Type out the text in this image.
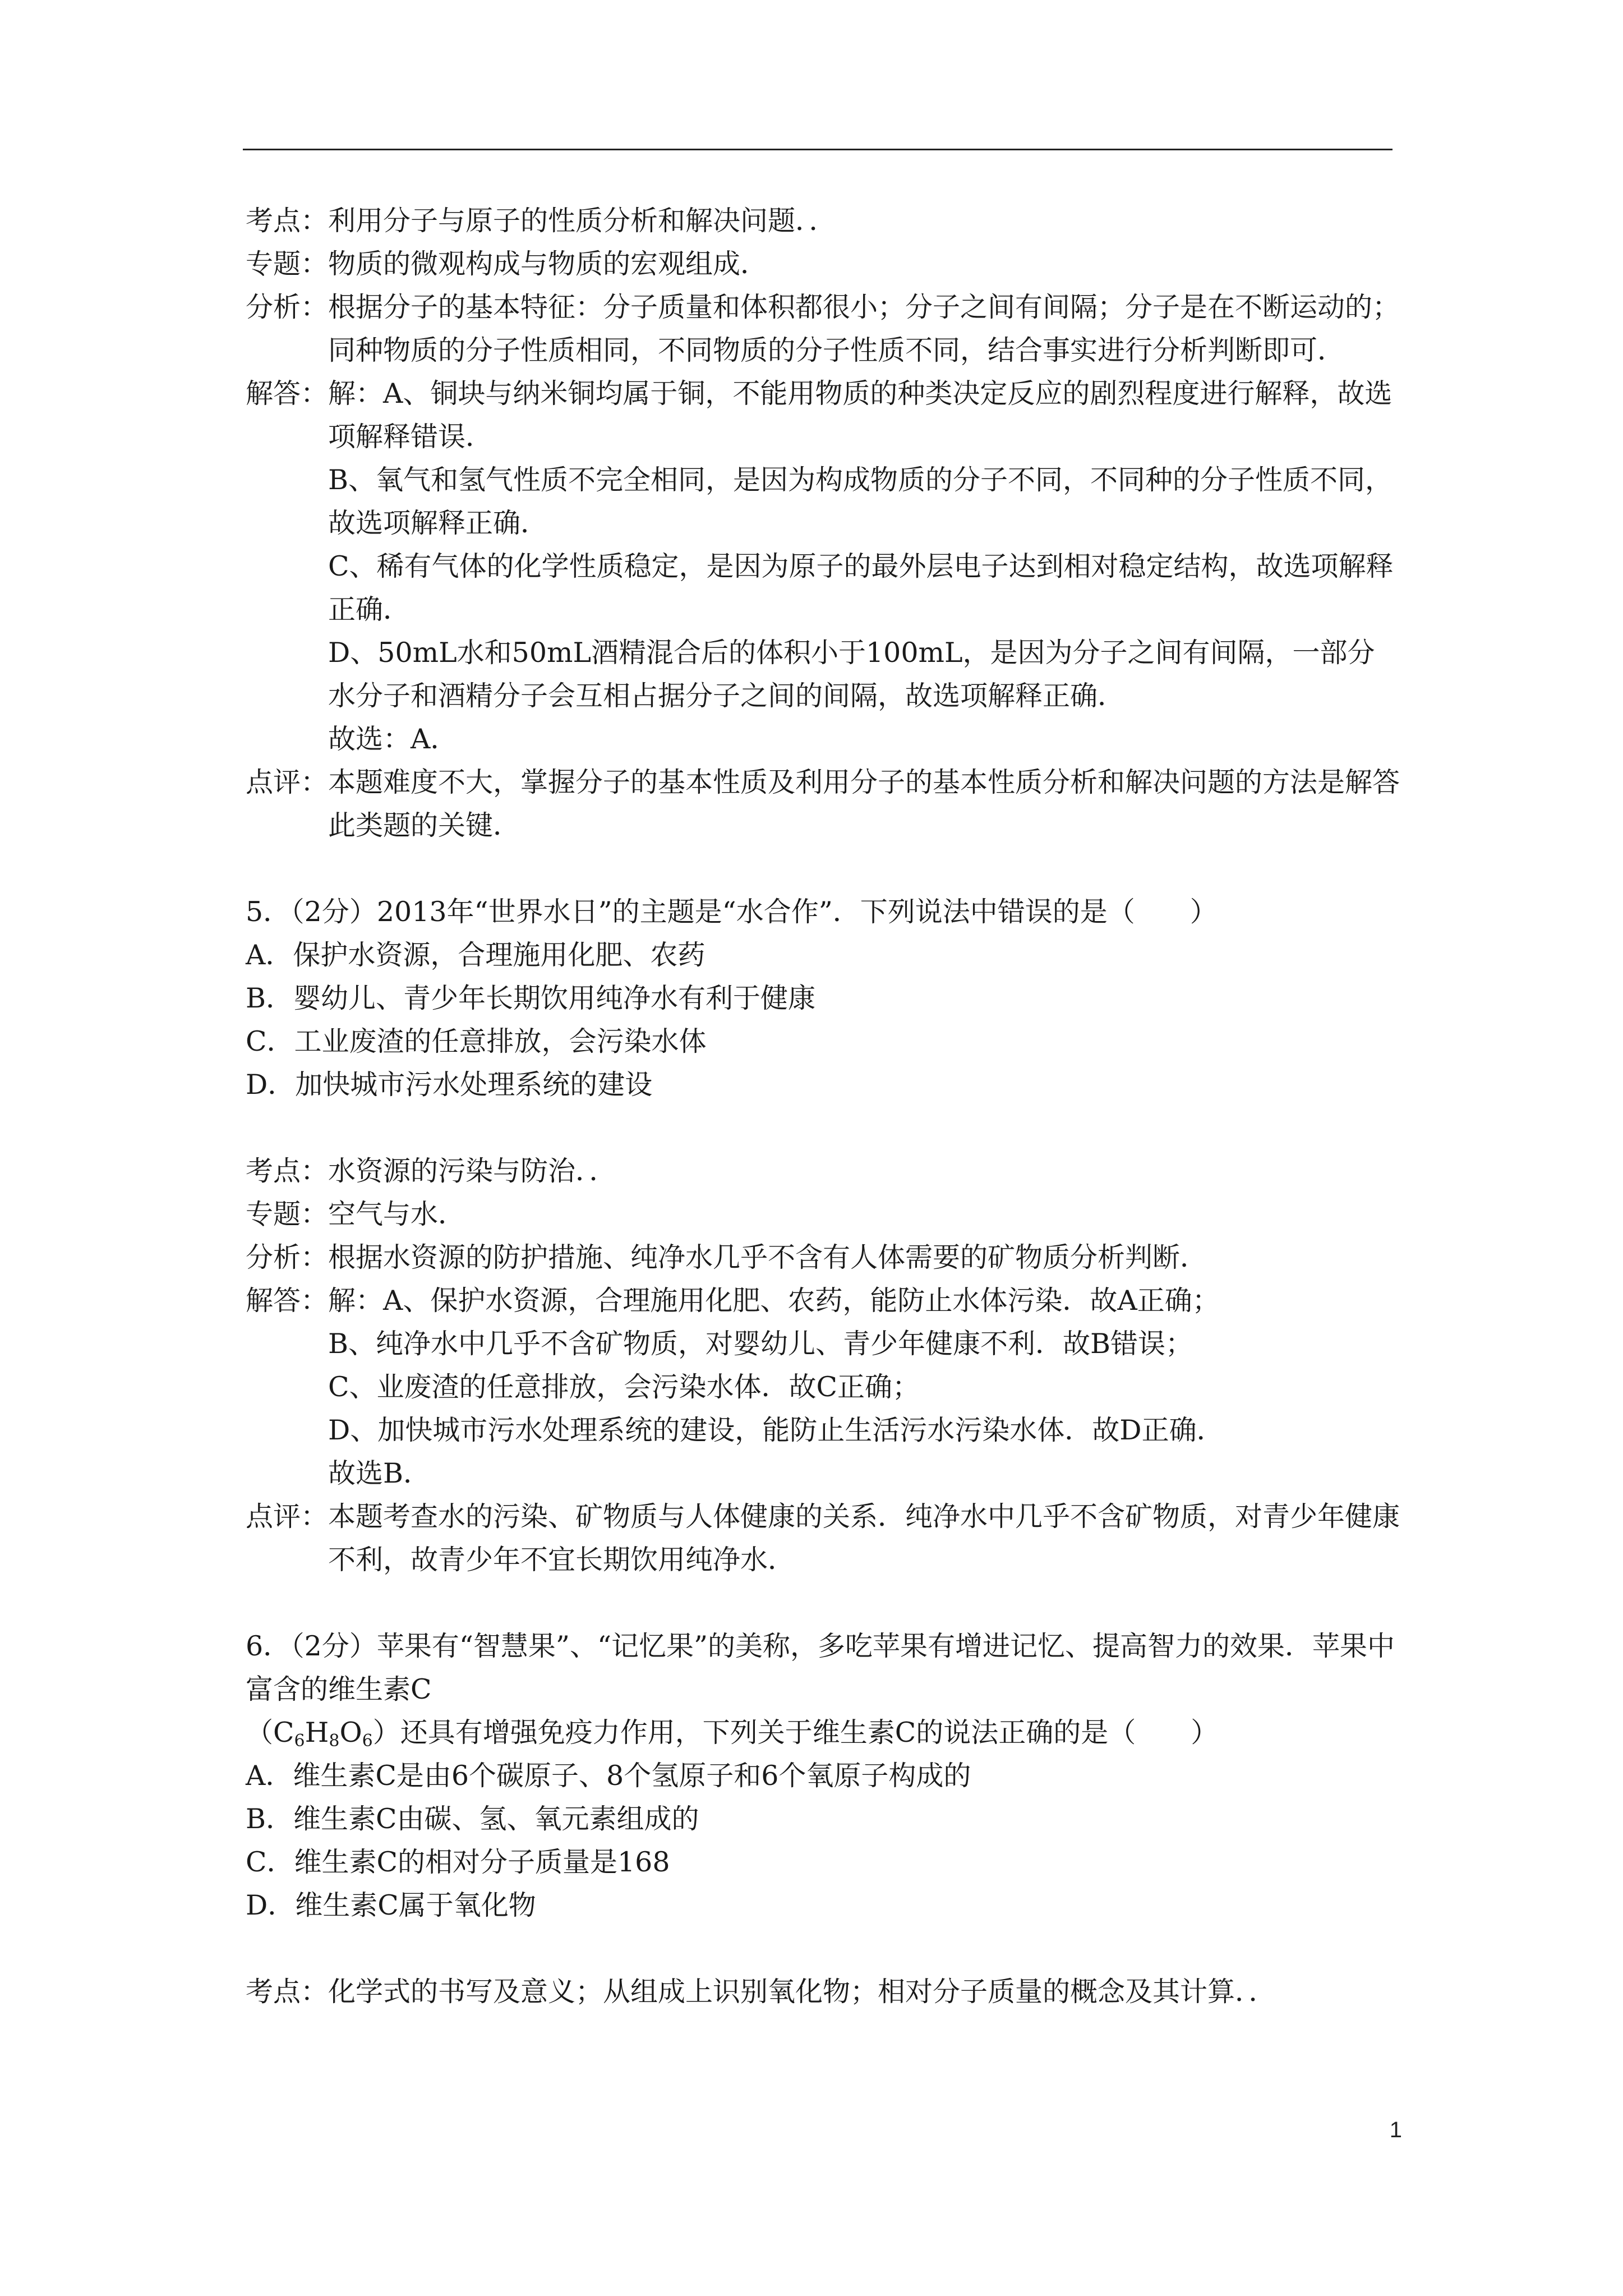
考点： 利用分子与原子的性质分析和解决问题．．
专题： 物质的微观构成与物质的宏观组成．
分析： 根据分子的基本特征：分子质量和体积都很小；分子之间有间隔；分子是在不断运动的；同种物质的分子性质相同，不同物质的分子性质不同，结合事实进行分析判断即可．
解答： 解：A、铜块与纳米铜均属于铜，不能用物质的种类决定反应的剧烈程度进行解释，故选项解释错误．

B、氧气和氢气性质不完全相同，是因为构成物质的分子不同，不同种的分子性质不同，故选项解释正确．

C、稀有气体的化学性质稳定，是因为原子的最外层电子达到相对稳定结构，故选项解释正确．

D、50mL水和50mL酒精混合后的体积小于100mL，是因为分子之间有间隔，一部分水分子和酒精分子会互相占据分子之间的间隔，故选项解释正确．

故选：A．

点评： 本题难度不大，掌握分子的基本性质及利用分子的基本性质分析和解决问题的方法是解答此类题的关键．

5．（2分）2013年“世界水日”的主题是“水合作”．下列说法中错误的是（　　）

A．保护水资源，合理施用化肥、农药

B．婴幼儿、青少年长期饮用纯净水有利于健康

C．工业废渣的任意排放，会污染水体

D．加快城市污水处理系统的建设

考点： 水资源的污染与防治．．
专题： 空气与水．
分析： 根据水资源的防护措施、纯净水几乎不含有人体需要的矿物质分析判断．
解答： 解：A、保护水资源，合理施用化肥、农药，能防止水体污染．故A正确；

B、纯净水中几乎不含矿物质，对婴幼儿、青少年健康不利．故B错误；

C、业废渣的任意排放，会污染水体．故C正确；

D、加快城市污水处理系统的建设，能防止生活污水污染水体．故D正确．

故选B．

点评： 本题考查水的污染、矿物质与人体健康的关系．纯净水中几乎不含矿物质，对青少年健康不利，故青少年不宜长期饮用纯净水．

6．（2分）苹果有“智慧果”、“记忆果”的美称，多吃苹果有增进记忆、提高智力的效果．苹果中富含的维生素$C(C_6H_8O_6)$还具有增强免疫力作用，下列关于维生素C的说法正确的是（　　）

A．维生素C是由6个碳原子、8个氢原子和6个氧原子构成的

B．维生素C由碳、氢、氧元素组成的

C．维生素C的相对分子质量是168

D．维生素C属于氧化物

考点： 化学式的书写及意义；从组成上识别氧化物；相对分子质量的概念及其计算．．
1
